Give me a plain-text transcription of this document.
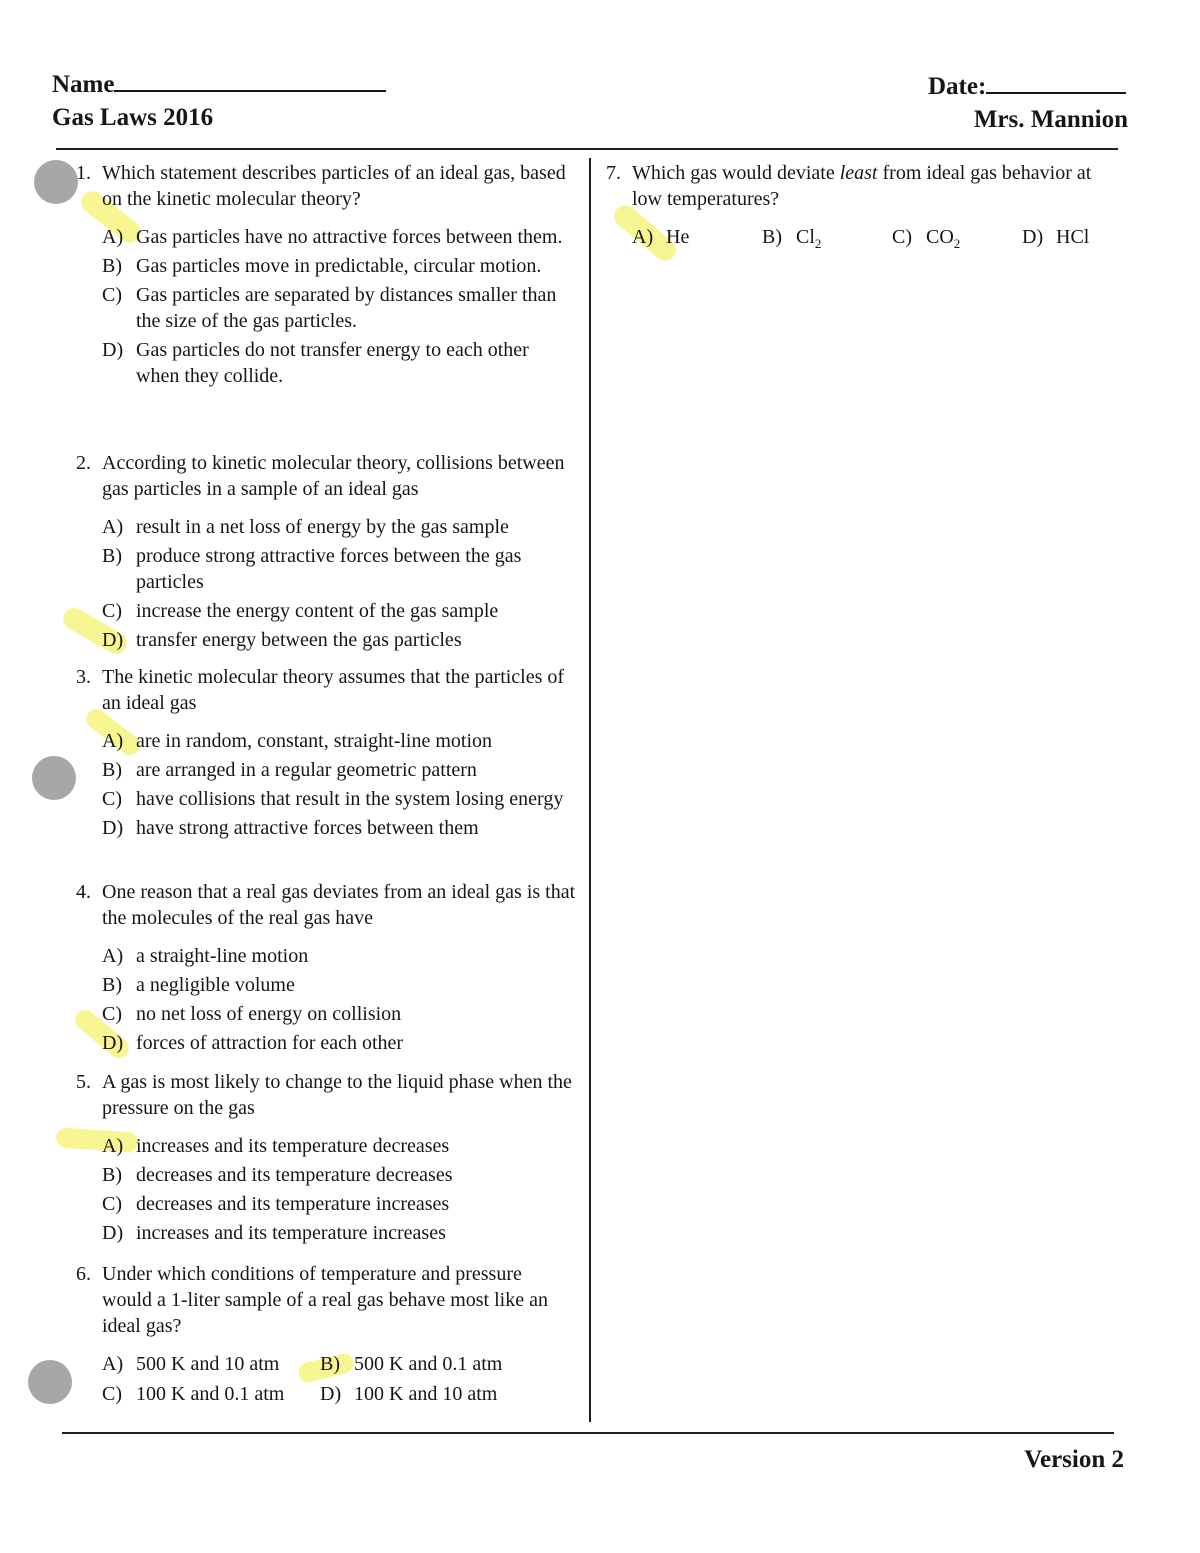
Name
Gas Laws 2016
Date:
Mrs. Mannion
Version 2
1. Which statement describes particles of an ideal gas, based on the kinetic molecular theory?
A) Gas particles have no attractive forces between them.
B) Gas particles move in predictable, circular motion.
C) Gas particles are separated by distances smaller than the size of the gas particles.
D) Gas particles do not transfer energy to each other when they collide.
2. According to kinetic molecular theory, collisions between gas particles in a sample of an ideal gas
A) result in a net loss of energy by the gas sample
B) produce strong attractive forces between the gas particles
C) increase the energy content of the gas sample
D) transfer energy between the gas particles
3. The kinetic molecular theory assumes that the particles of an ideal gas
A) are in random, constant, straight-line motion
B) are arranged in a regular geometric pattern
C) have collisions that result in the system losing energy
D) have strong attractive forces between them
4. One reason that a real gas deviates from an ideal gas is that the molecules of the real gas have
A) a straight-line motion
B) a negligible volume
C) no net loss of energy on collision
D) forces of attraction for each other
5. A gas is most likely to change to the liquid phase when the pressure on the gas
A) increases and its temperature decreases
B) decreases and its temperature decreases
C) decreases and its temperature increases
D) increases and its temperature increases
6. Under which conditions of temperature and pressure would a 1-liter sample of a real gas behave most like an ideal gas?
A) 500 K and 10 atm	B) 500 K and 0.1 atm
C) 100 K and 0.1 atm	D) 100 K and 10 atm
7. Which gas would deviate least from ideal gas behavior at low temperatures?
A) He	B) $Cl_2$	C) $CO_2$	D) HCl
